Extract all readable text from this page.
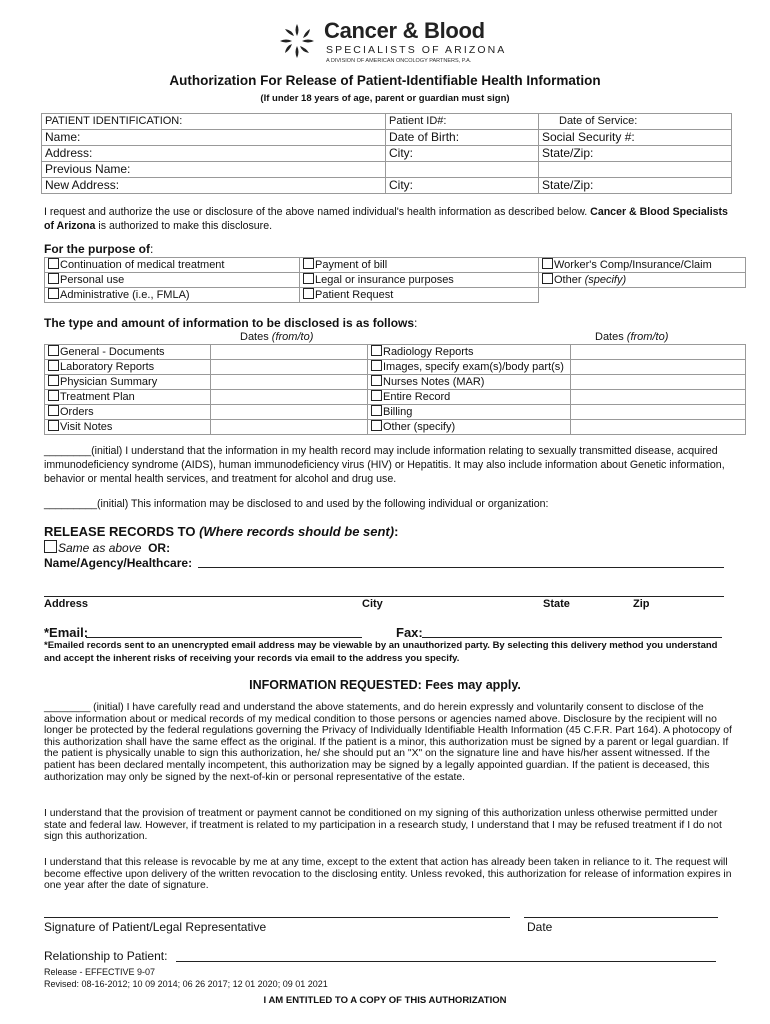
Cancer & Blood
SPECIALISTS OF ARIZONA
A DIVISION OF AMERICAN ONCOLOGY PARTNERS, P.A.
Authorization For Release of Patient-Identifiable Health Information
(If under 18 years of age, parent or guardian must sign)
PATIENT IDENTIFICATION:	Patient ID#:	Date of Service:
Name:	Date of Birth:	Social Security #:
Address:	City:	State/Zip:
Previous Name:		
New Address:	City:	State/Zip:
I request and authorize the use or disclosure of the above named individual's health information as described below. Cancer & Blood Specialists of Arizona is authorized to make this disclosure.
For the purpose of:
Continuation of medical treatment	Payment of bill	Worker's Comp/Insurance/Claim
Personal use	Legal or insurance purposes	Other (specify)
Administrative (i.e., FMLA)	Patient Request	
The type and amount of information to be disclosed is as follows:
Dates (from/to)	Dates (from/to)
General - Documents		Radiology Reports	
Laboratory Reports		Images, specify exam(s)/body part(s)	
Physician Summary		Nurses Notes (MAR)	
Treatment Plan		Entire Record	
Orders		Billing	
Visit Notes		Other (specify)	
________(initial) I understand that the information in my health record may include information relating to sexually transmitted disease, acquired immunodeficiency syndrome (AIDS), human immunodeficiency virus (HIV) or Hepatitis. It may also include information about Genetic information, behavior or mental health services, and treatment for alcohol and drug use.
_________(initial) This information may be disclosed to and used by the following individual or organization:
RELEASE RECORDS TO (Where records should be sent):
Same as above OR:
Name/Agency/Healthcare:
Address	City	State	Zip
*Email:	Fax:
*Emailed records sent to an unencrypted email address may be viewable by an unauthorized party. By selecting this delivery method you understand and accept the inherent risks of receiving your records via email to the address you specify.
INFORMATION REQUESTED: Fees may apply.
________ (initial) I have carefully read and understand the above statements, and do herein expressly and voluntarily consent to disclose of the above information about or medical records of my medical condition to those persons or agencies named above. Disclosure by the recipient will no longer be protected by the federal regulations governing the Privacy of Individually Identifiable Health Information (45 C.F.R. Part 164). A photocopy of this authorization shall have the same effect as the original. If the patient is a minor, this authorization must be signed by a parent or legal guardian. If the patient is physically unable to sign this authorization, he/ she should put an "X" on the signature line and have his/her assent witnessed. If the patient has been declared mentally incompetent, this authorization may be signed by a legally appointed guardian. If the patient is deceased, this authorization may only be signed by the next-of-kin or personal representative of the estate.
I understand that the provision of treatment or payment cannot be conditioned on my signing of this authorization unless otherwise permitted under state and federal law. However, if treatment is related to my participation in a research study, I understand that I may be refused treatment if I do not sign this authorization.
I understand that this release is revocable by me at any time, except to the extent that action has already been taken in reliance to it. The request will become effective upon delivery of the written revocation to the disclosing entity. Unless revoked, this authorization for release of information expires in one year after the date of signature.
Signature of Patient/Legal Representative	Date
Relationship to Patient:
Release - EFFECTIVE 9-07
Revised: 08-16-2012; 10 09 2014; 06 26 2017; 12 01 2020; 09 01 2021
I AM ENTITLED TO A COPY OF THIS AUTHORIZATION
